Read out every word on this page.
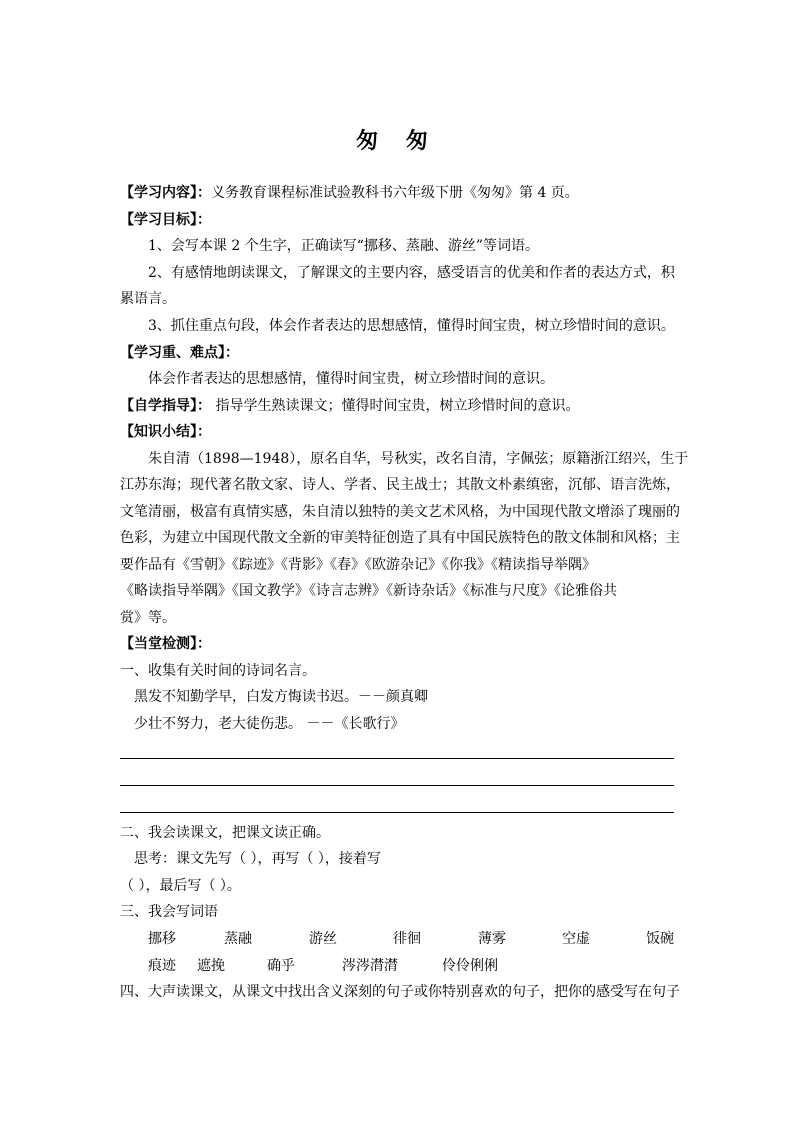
匆 匆
【学习内容】：义务教育课程标准试验教科书六年级下册《匆匆》第 4 页。
【学习目标】：
1、会写本课 2 个生字，正确读写“挪移、蒸融、游丝”等词语。
2、有感情地朗读课文，了解课文的主要内容，感受语言的优美和作者的表达方式，积
累语言。
3、抓住重点句段，体会作者表达的思想感情，懂得时间宝贵，树立珍惜时间的意识。
【学习重、难点】：
体会作者表达的思想感情，懂得时间宝贵，树立珍惜时间的意识。
【自学指导】： 指导学生熟读课文；懂得时间宝贵，树立珍惜时间的意识。
【知识小结】：
朱自清（1898—1948），原名自华，号秋实，改名自清，字佩弦；原籍浙江绍兴，生于
江苏东海；现代著名散文家、诗人、学者、民主战士；其散文朴素缜密，沉郁、语言洗炼，
文笔清丽，极富有真情实感，朱自清以独特的美文艺术风格，为中国现代散文增添了瑰丽的
色彩，为建立中国现代散文全新的审美特征创造了具有中国民族特色的散文体制和风格；主
要作品有《雪朝》《踪迹》《背影》《春》《欧游杂记》《你我》《精读指导举隅》
《略读指导举隅》《国文教学》《诗言志辨》《新诗杂话》《标准与尺度》《论雅俗共
赏》等。
【当堂检测】：
一、收集有关时间的诗词名言。
黑发不知勤学早，白发方悔读书迟。－－颜真卿
少壮不努力，老大徒伤悲。 －－《长歌行》
二、我会读课文，把课文读正确。
思考：课文先写（ ），再写（ ），接着写
（ ），最后写（ ）。
三、我会写词语
挪移	蒸融	游丝	徘徊	薄雾	空虚	饭碗
痕迹 遮挽	确乎	涔涔潸潸	伶伶俐俐
四、大声读课文，从课文中找出含义深刻的句子或你特别喜欢的句子，把你的感受写在句子
